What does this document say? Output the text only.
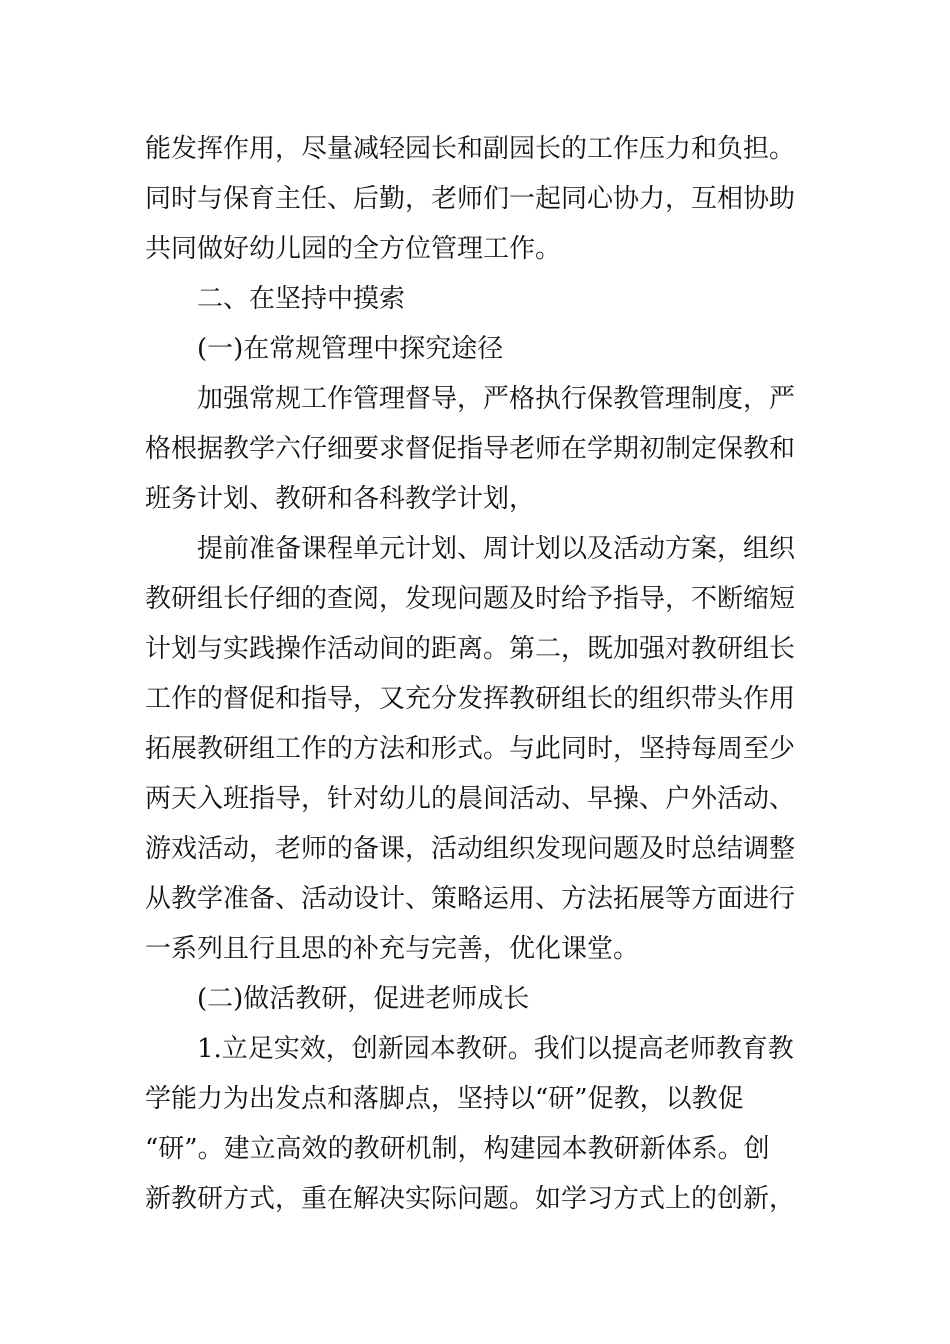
能发挥作用，尽量减轻园长和副园长的工作压力和负担。

同时与保育主任、后勤，老师们一起同心协力，互相协助

共同做好幼儿园的全方位管理工作。

二、在坚持中摸索

(一)在常规管理中探究途径

加强常规工作管理督导，严格执行保教管理制度，严

格根据教学六仔细要求督促指导老师在学期初制定保教和

班务计划、教研和各科教学计划，

提前准备课程单元计划、周计划以及活动方案，组织

教研组长仔细的查阅，发现问题及时给予指导，不断缩短

计划与实践操作活动间的距离。第二，既加强对教研组长

工作的督促和指导，又充分发挥教研组长的组织带头作用

拓展教研组工作的方法和形式。与此同时，坚持每周至少

两天入班指导，针对幼儿的晨间活动、早操、户外活动、

游戏活动，老师的备课，活动组织发现问题及时总结调整

从教学准备、活动设计、策略运用、方法拓展等方面进行

一系列且行且思的补充与完善，优化课堂。

(二)做活教研，促进老师成长

1.立足实效，创新园本教研。我们以提高老师教育教

学能力为出发点和落脚点，坚持以“研”促教，以教促

“研”。建立高效的教研机制，构建园本教研新体系。创

新教研方式，重在解决实际问题。如学习方式上的创新，
